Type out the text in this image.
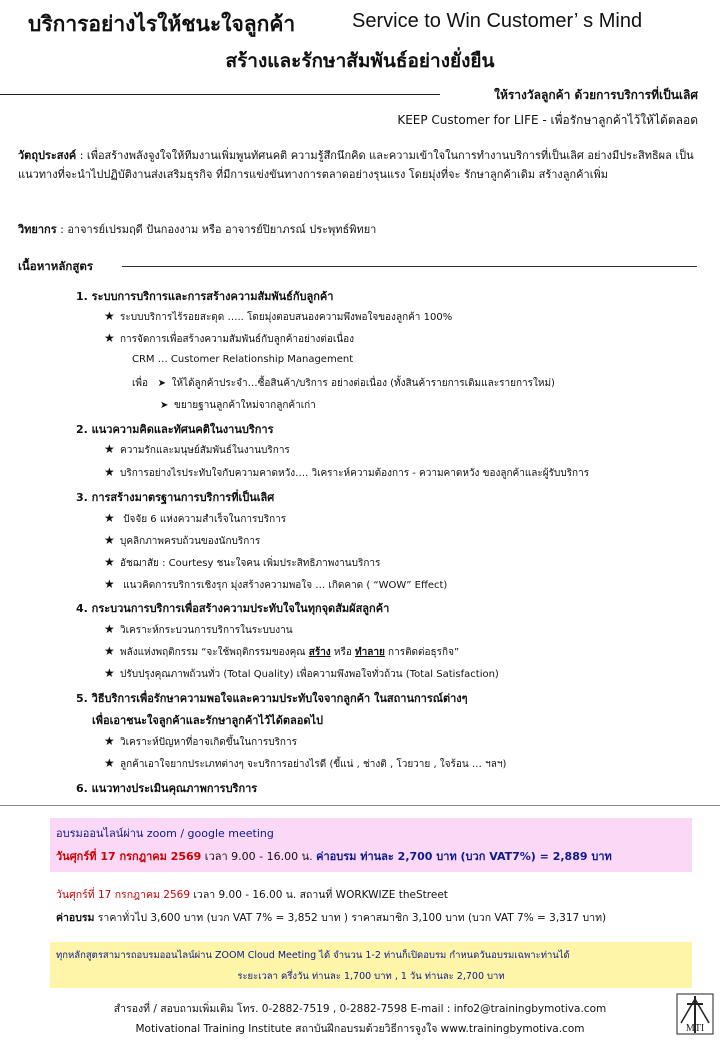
บริการอย่างไรให้ชนะใจลูกค้า	Service to Win Customer’ s Mind
สร้างและรักษาสัมพันธ์อย่างยั่งยืน
ให้รางวัลลูกค้า ด้วยการบริการที่เป็นเลิศ
KEEP Customer for LIFE - เพื่อรักษาลูกค้าไว้ให้ได้ตลอด
วัตถุประสงค์ : เพื่อสร้างพลังจูงใจให้ทีมงานเพิ่มพูนทัศนคติ ความรู้สึกนึกคิด และความเข้าใจในการทำงานบริการที่เป็นเลิศ อย่างมีประสิทธิผล เป็นแนวทางที่จะนำไปปฏิบัติงานส่งเสริมธุรกิจ ที่มีการแข่งขันทางการตลาดอย่างรุนแรง โดยมุ่งที่จะ รักษาลูกค้าเดิม สร้างลูกค้าเพิ่ม
วิทยากร : อาจารย์เปรมฤดี ปันกองงาม หรือ อาจารย์ปิยาภรณ์ ประพุทธ์พิทยา
เนื้อหาหลักสูตร
1. ระบบการบริการและการสร้างความสัมพันธ์กับลูกค้า
★ ระบบบริการไร้รอยสะดุด ….. โดยมุ่งตอบสนองความพึงพอใจของลูกค้า 100%
★ การจัดการเพื่อสร้างความสัมพันธ์กับลูกค้าอย่างต่อเนื่อง
CRM … Customer Relationship Management
เพื่อ ➤ ให้ได้ลูกค้าประจำ…ซื้อสินค้า/บริการ อย่างต่อเนื่อง (ทั้งสินค้ารายการเดิมและรายการใหม่)
➤ ขยายฐานลูกค้าใหม่จากลูกค้าเก่า
2. แนวความคิดและทัศนคติในงานบริการ
★ ความรักและมนุษย์สัมพันธ์ในงานบริการ
★ บริการอย่างไรประทับใจกับความคาดหวัง…. วิเคราะห์ความต้องการ - ความคาดหวัง ของลูกค้าและผู้รับบริการ
3. การสร้างมาตรฐานการบริการที่เป็นเลิศ
★ ปัจจัย 6 แห่งความสำเร็จในการบริการ
★ บุคลิกภาพครบถ้วนของนักบริการ
★ อัชฌาสัย : Courtesy ชนะใจคน เพิ่มประสิทธิภาพงานบริการ
★ แนวคิดการบริการเชิงรุก มุ่งสร้างความพอใจ … เกิดคาด ( “WOW” Effect)
4. กระบวนการบริการเพื่อสร้างความประทับใจในทุกจุดสัมผัสลูกค้า
★ วิเคราะห์กระบวนการบริการในระบบงาน
★ พลังแห่งพฤติกรรม “จะใช้พฤติกรรมของคุณ สร้าง หรือ ทำลาย การติดต่อธุรกิจ”
★ ปรับปรุงคุณภาพถ้วนทั่ว (Total Quality) เพื่อความพึงพอใจทั่วถ้วน (Total Satisfaction)
5. วิธีบริการเพื่อรักษาความพอใจและความประทับใจจากลูกค้า ในสถานการณ์ต่างๆ
เพื่อเอาชนะใจลูกค้าและรักษาลูกค้าไว้ได้ตลอดไป
★ วิเคราะห์ปัญหาที่อาจเกิดขึ้นในการบริการ
★ ลูกค้าเอาใจยากประเภทต่างๆ จะบริการอย่างไรดี (ขี้แน่ , ช่างติ , โวยวาย , ใจร้อน … ฯลฯ)
6. แนวทางประเมินคุณภาพการบริการ
อบรมออนไลน์ผ่าน zoom / google meeting
วันศุกร์ที่ 17 กรกฎาคม 2569 เวลา 9.00 - 16.00 น. ค่าอบรม ท่านละ 2,700 บาท (บวก VAT7%) = 2,889 บาท
วันศุกร์ที่ 17 กรกฎาคม 2569 เวลา 9.00 - 16.00 น. สถานที่ WORKWIZE theStreet
ค่าอบรม ราคาทั่วไป 3,600 บาท (บวก VAT 7% = 3,852 บาท ) ราคาสมาชิก 3,100 บาท (บวก VAT 7% = 3,317 บาท)
ทุกหลักสูตรสามารถอบรมออนไลน์ผ่าน ZOOM Cloud Meeting ได้ จำนวน 1-2 ท่านก็เปิดอบรม กำหนดวันอบรมเฉพาะท่านได้
ระยะเวลา ครึ่งวัน ท่านละ 1,700 บาท , 1 วัน ท่านละ 2,700 บาท
สำรองที่ / สอบถามเพิ่มเติม โทร. 0-2882-7519 , 0-2882-7598 E-mail : info2@trainingbymotiva.com
Motivational Training Institute สถาบันฝึกอบรมด้วยวิธีการจูงใจ www.trainingbymotiva.com	MTI
